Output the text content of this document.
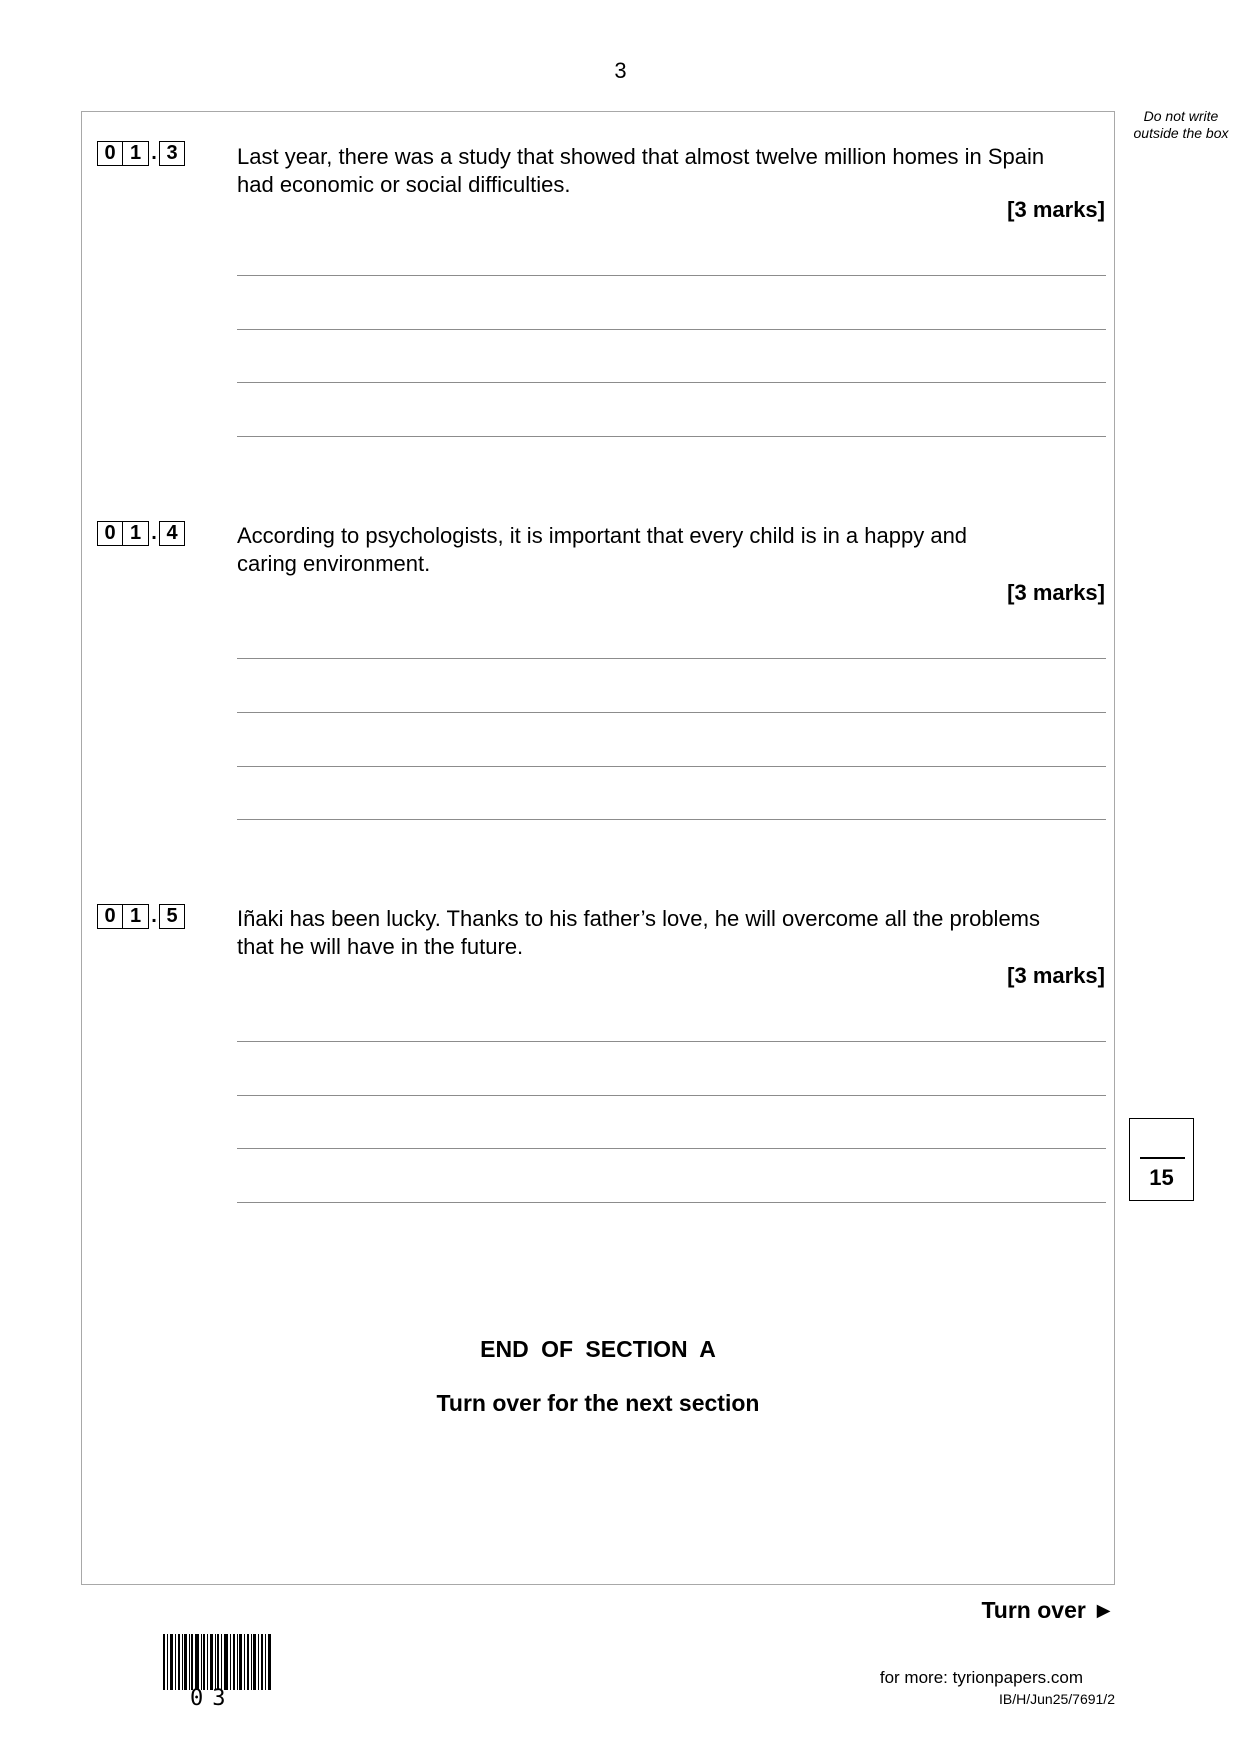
3
Do not write outside the box
0 1 . 3	Last year, there was a study that showed that almost twelve million homes in Spain
had economic or social difficulties.
[3 marks]
0 1 . 4	According to psychologists, it is important that every child is in a happy and
caring environment.
[3 marks]
0 1 . 5	Iñaki has been lucky. Thanks to his father’s love, he will overcome all the problems
that he will have in the future.
[3 marks]
15
END OF SECTION A
Turn over for the next section
Turn over ►
03
for more: tyrionpapers.com
IB/H/Jun25/7691/2
